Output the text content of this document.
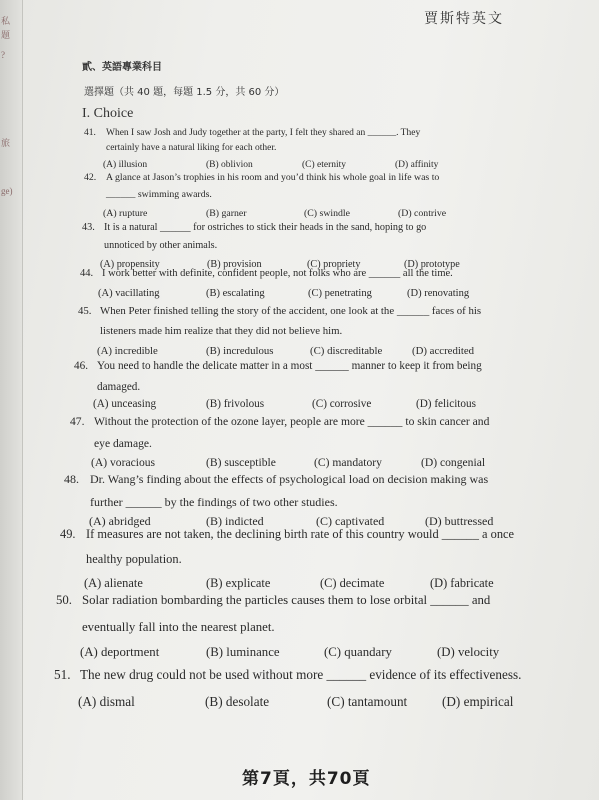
私
題
?
旅
ge)
賈斯特英文
貳、英語專業科目
選擇題（共 40 題，每題 1.5 分，共 60 分）
I. Choice
41. When I saw Josh and Judy together at the party, I felt they shared an ______. They
certainly have a natural liking for each other.
(A) illusion	(B) oblivion	(C) eternity	(D) affinity
42. A glance at Jason’s trophies in his room and you’d think his whole goal in life was to
______ swimming awards.
(A) rupture	(B) garner	(C) swindle	(D) contrive
43. It is a natural ______ for ostriches to stick their heads in the sand, hoping to go
unnoticed by other animals.
(A) propensity	(B) provision	(C) propriety	(D) prototype
44. I work better with definite, confident people, not folks who are ______ all the time.
(A) vacillating	(B) escalating	(C) penetrating	(D) renovating
45. When Peter finished telling the story of the accident, one look at the ______ faces of his
listeners made him realize that they did not believe him.
(A) incredible	(B) incredulous	(C) discreditable	(D) accredited
46. You need to handle the delicate matter in a most ______ manner to keep it from being
damaged.
(A) unceasing	(B) frivolous	(C) corrosive	(D) felicitous
47. Without the protection of the ozone layer, people are more ______ to skin cancer and
eye damage.
(A) voracious	(B) susceptible	(C) mandatory	(D) congenial
48. Dr. Wang’s finding about the effects of psychological load on decision making was
further ______ by the findings of two other studies.
(A) abridged	(B) indicted	(C) captivated	(D) buttressed
49. If measures are not taken, the declining birth rate of this country would ______ a once
healthy population.
(A) alienate	(B) explicate	(C) decimate	(D) fabricate
50. Solar radiation bombarding the particles causes them to lose orbital ______ and
eventually fall into the nearest planet.
(A) deportment	(B) luminance	(C) quandary	(D) velocity
51. The new drug could not be used without more ______ evidence of its effectiveness.
(A) dismal	(B) desolate	(C) tantamount	(D) empirical
第7頁，共70頁
